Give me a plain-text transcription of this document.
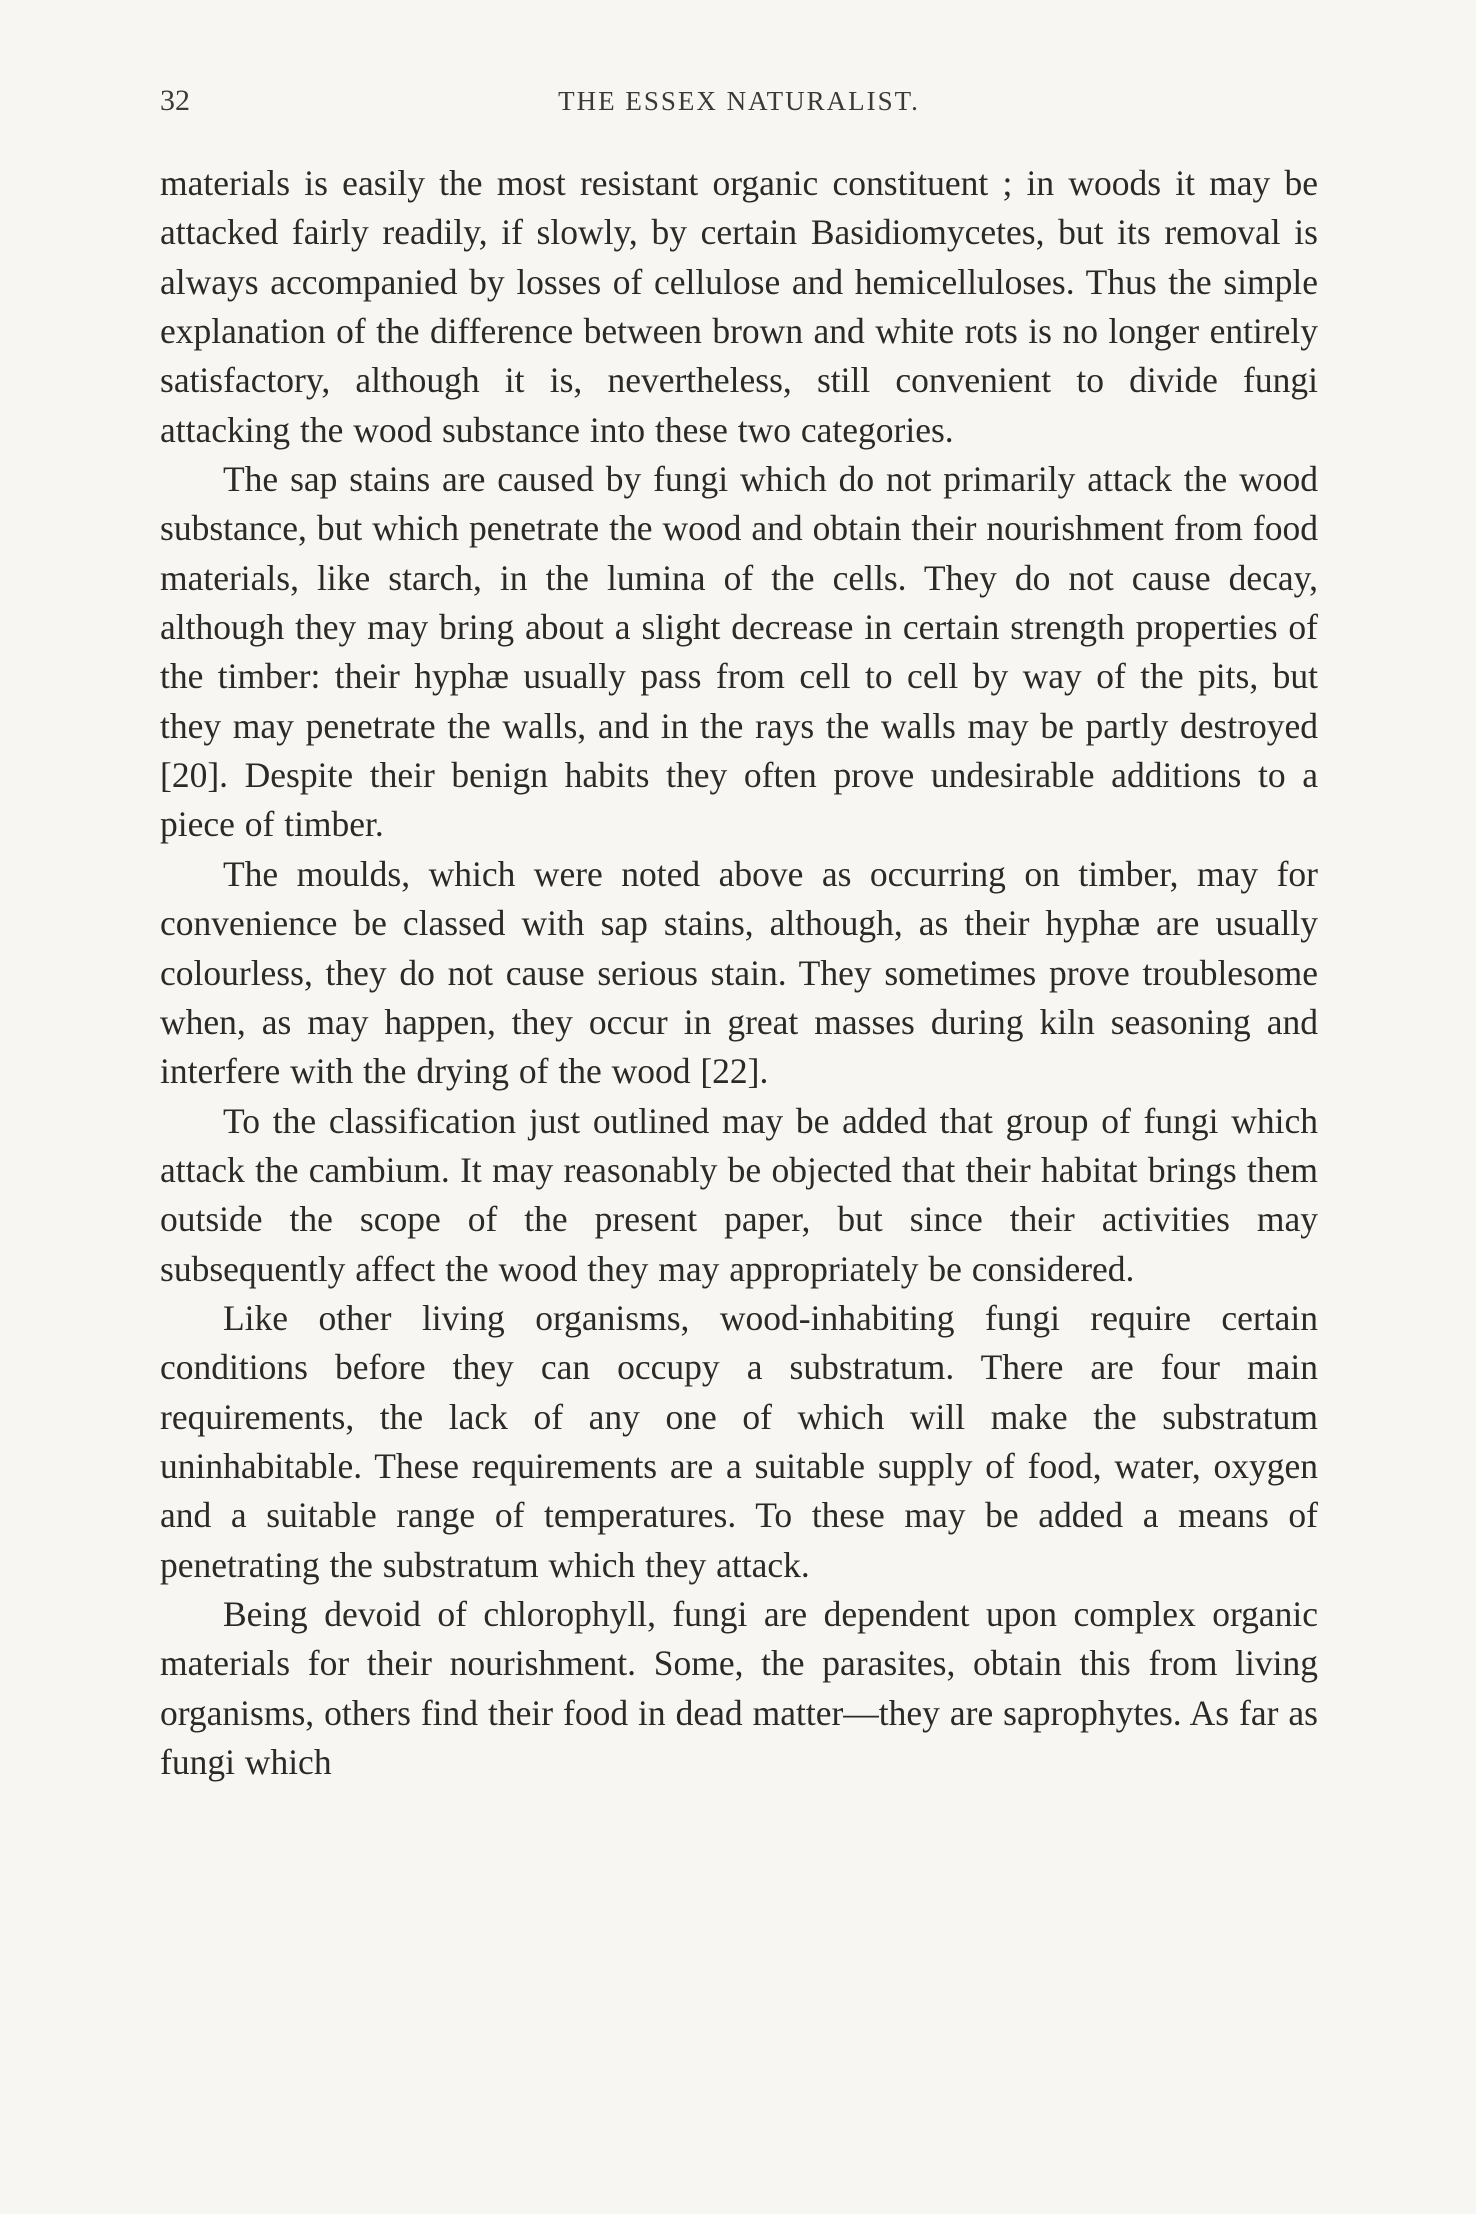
32	THE ESSEX NATURALIST.

materials is easily the most resistant organic constituent ; in woods it may be attacked fairly readily, if slowly, by certain Basidiomycetes, but its removal is always accompanied by losses of cellulose and hemicelluloses. Thus the simple explanation of the difference between brown and white rots is no longer entirely satisfactory, although it is, nevertheless, still convenient to divide fungi attacking the wood substance into these two categories.

The sap stains are caused by fungi which do not primarily attack the wood substance, but which penetrate the wood and obtain their nourishment from food materials, like starch, in the lumina of the cells. They do not cause decay, although they may bring about a slight decrease in certain strength properties of the timber: their hyphæ usually pass from cell to cell by way of the pits, but they may penetrate the walls, and in the rays the walls may be partly destroyed [20]. Despite their benign habits they often prove undesirable additions to a piece of timber.

The moulds, which were noted above as occurring on timber, may for convenience be classed with sap stains, although, as their hyphæ are usually colourless, they do not cause serious stain. They sometimes prove troublesome when, as may happen, they occur in great masses during kiln seasoning and interfere with the drying of the wood [22].

To the classification just outlined may be added that group of fungi which attack the cambium. It may reasonably be objected that their habitat brings them outside the scope of the present paper, but since their activities may subsequently affect the wood they may appropriately be considered.

Like other living organisms, wood-inhabiting fungi require certain conditions before they can occupy a substratum. There are four main requirements, the lack of any one of which will make the substratum uninhabitable. These requirements are a suitable supply of food, water, oxygen and a suitable range of temperatures. To these may be added a means of penetrating the substratum which they attack.

Being devoid of chlorophyll, fungi are dependent upon complex organic materials for their nourishment. Some, the parasites, obtain this from living organisms, others find their food in dead matter—they are saprophytes. As far as fungi which
